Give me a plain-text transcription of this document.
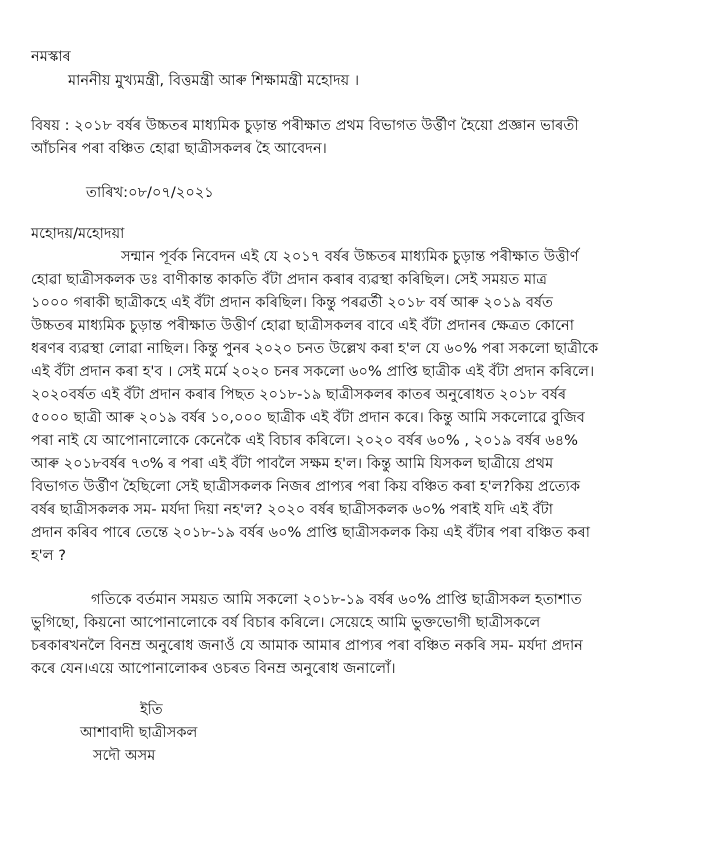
নমস্কাৰ

মাননীয় মুখ্যমন্ত্ৰী, বিত্তমন্ত্ৰী আৰু শিক্ষামন্ত্ৰী মহোদয় ।

বিষয় : ২০১৮ বৰ্ষৰ উচ্চতৰ মাধ্যমিক চুড়ান্ত পৰীক্ষাত প্ৰথম বিভাগত উৰ্ত্তীণ হৈয়ো প্ৰজ্ঞান ভাৰতী

আঁচনিৰ পৰা বঞ্চিত হোৱা ছাত্ৰীসকলৰ হৈ আবেদন।

তাৰিখ:০৮/০৭/২০২১

মহোদয়/মহোদয়া

সন্মান পূৰ্বক নিবেদন এই যে ২০১৭ বৰ্ষৰ উচ্চতৰ মাধ্যমিক চুড়ান্ত পৰীক্ষাত উত্তীৰ্ণ

হোৱা ছাত্ৰীসকলক ডঃ বাণীকান্ত কাকতি বঁটা প্ৰদান কৰাৰ ব্যৱস্থা কৰিছিল। সেই সময়ত মাত্ৰ

১০০০ গৰাকী ছাত্ৰীকহে এই বঁটা প্ৰদান কৰিছিল। কিন্তু পৰৱৰ্তী ২০১৮ বৰ্ষ আৰু ২০১৯ বৰ্ষত

উচ্চতৰ মাধ্যমিক চুড়ান্ত পৰীক্ষাত উত্তীৰ্ণ হোৱা ছাত্ৰীসকলৰ বাবে এই বঁটা প্ৰদানৰ ক্ষেত্ৰত কোনো

ধৰণৰ ব্যৱস্থা লোৱা নাছিল। কিন্তু পুনৰ ২০২০ চনত উল্লেখ কৰা হ'ল যে ৬০% পৰা সকলো ছাত্ৰীকে

এই বঁটা প্ৰদান কৰা হ'ব । সেই মৰ্মে ২০২০ চনৰ সকলো ৬০% প্ৰাপ্তি ছাত্ৰীক এই বঁটা প্ৰদান কৰিলে।

২০২০বৰ্ষত এই বঁটা প্ৰদান কৰাৰ পিছত ২০১৮-১৯ ছাত্ৰীসকলৰ কাতৰ অনুৰোধত ২০১৮ বৰ্ষৰ

৫০০০ ছাত্ৰী আৰু ২০১৯ বৰ্ষৰ ১০,০০০ ছাত্ৰীক এই বঁটা প্ৰদান কৰে। কিন্তু আমি সকলোৱে বুজিব

পৰা নাই যে আপোনালোকে কেনেকৈ এই বিচাৰ কৰিলে। ২০২০ বৰ্ষৰ ৬০% , ২০১৯ বৰ্ষৰ ৬৪%

আৰু ২০১৮বৰ্ষৰ ৭৩% ৰ পৰা এই বঁটা পাবলৈ সক্ষম হ'ল। কিন্তু আমি যিসকল ছাত্ৰীয়ে প্ৰথম

বিভাগত উৰ্ত্তীণ হৈছিলো সেই ছাত্ৰীসকলক নিজৰ প্ৰাপ্যৰ পৰা কিয় বঞ্চিত কৰা হ'ল?কিয় প্ৰত্যেক

বৰ্ষৰ ছাত্ৰীসকলক সম- মৰ্যদা দিয়া নহ'ল? ২০২০ বৰ্ষৰ ছাত্ৰীসকলক ৬০% পৰাই যদি এই বঁটা

প্ৰদান কৰিব পাৰে তেন্তে ২০১৮-১৯ বৰ্ষৰ ৬০% প্ৰাপ্তি ছাত্ৰীসকলক কিয় এই বঁটাৰ পৰা বঞ্চিত কৰা

হ'ল ?

গতিকে বৰ্তমান সময়ত আমি সকলো ২০১৮-১৯ বৰ্ষৰ ৬০% প্ৰাপ্তি ছাত্ৰীসকল হতাশাত

ভুগিছো, কিয়নো আপোনালোকে বৰ্ষ বিচাৰ কৰিলে। সেয়েহে আমি ভুক্তভোগী ছাত্ৰীসকলে

চৰকাৰখনলৈ বিনম্ৰ অনুৰোধ জনাওঁ যে আমাক আমাৰ প্ৰাপ্যৰ পৰা বঞ্চিত নকৰি সম- মৰ্যদা প্ৰদান

কৰে যেন।এয়ে আপোনালোকৰ ওচৰত বিনম্ৰ অনুৰোধ জনালোঁ।

ইতি

আশাবাদী ছাত্ৰীসকল

সদৌ অসম
